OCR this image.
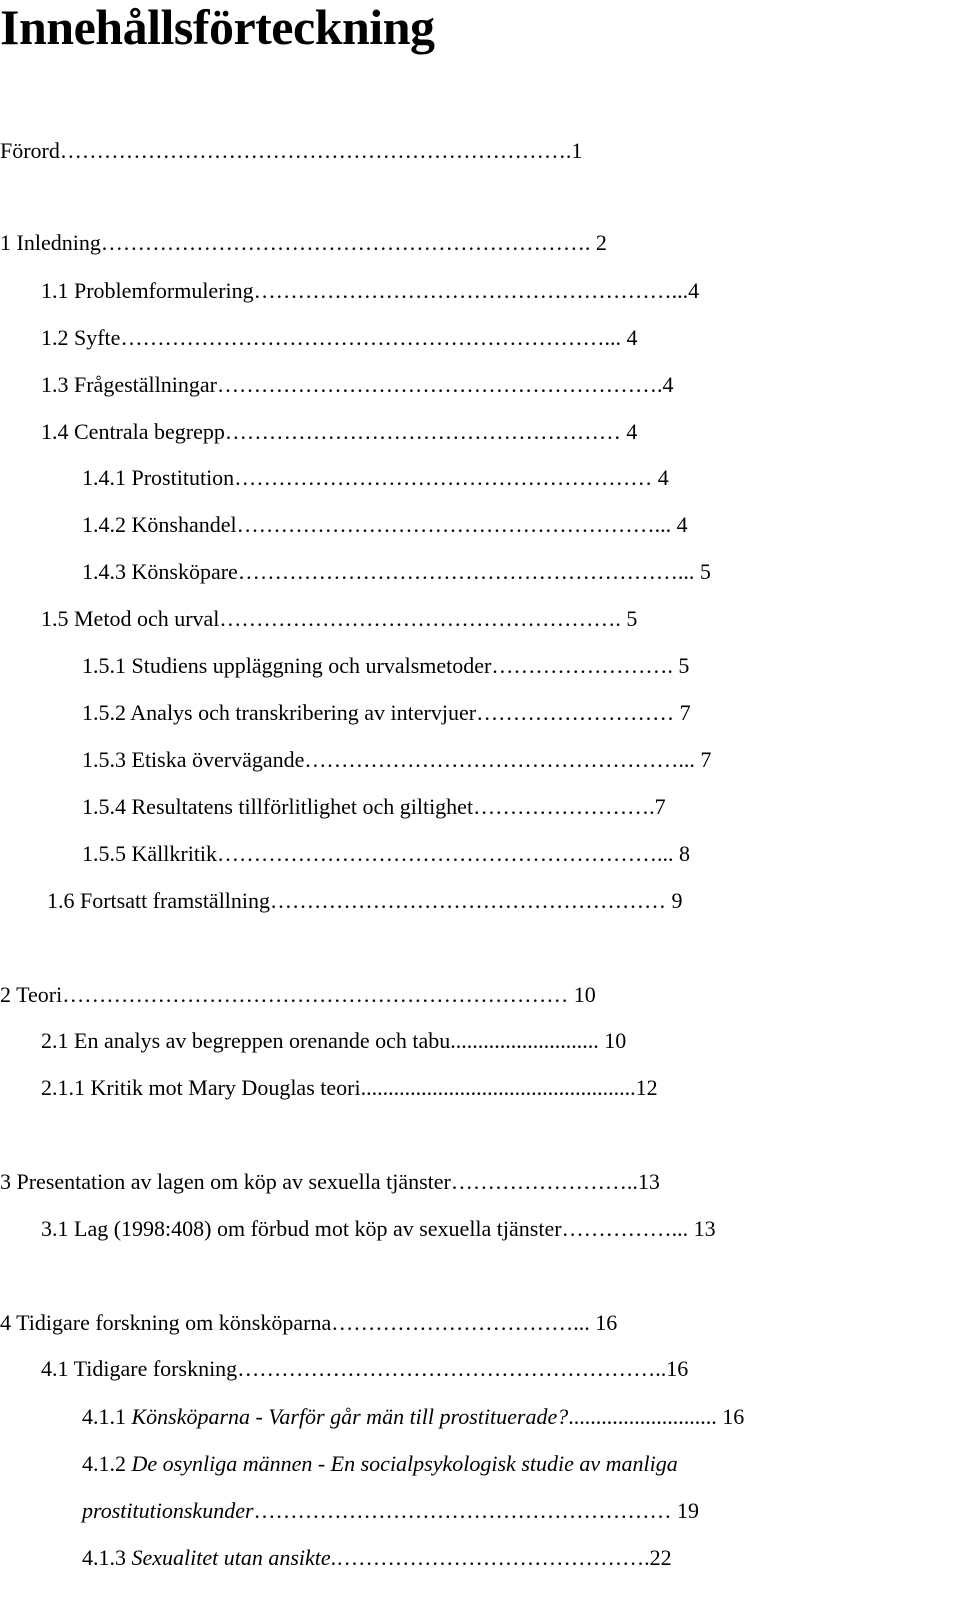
Innehållsförteckning
Förord…………………………………………………………….1
1 Inledning…………………………………………………………. 2
1.1 Problemformulering…………………………………………………...4
1.2 Syfte…………………………………………………………... 4
1.3 Frågeställningar…………………………………………………….4
1.4 Centrala begrepp……………………………………………… 4
1.4.1 Prostitution………………………………………………… 4
1.4.2 Könshandel…………………………………………………... 4
1.4.3 Könsköpare……………………………………………………... 5
1.5 Metod och urval………………………………………………. 5
1.5.1 Studiens uppläggning och urvalsmetoder……………………. 5
1.5.2 Analys och transkribering av intervjuer……………………… 7
1.5.3 Etiska övervägande……………………………………………... 7
1.5.4 Resultatens tillförlitlighet och giltighet…………………….7
1.5.5 Källkritik……………………………………………………... 8
1.6 Fortsatt framställning……………………………………………… 9
2 Teori…………………………………………………………… 10
2.1 En analys av begreppen orenande och tabu........................... 10
2.1.1 Kritik mot Mary Douglas teori..................................................12
3 Presentation av lagen om köp av sexuella tjänster……………………..13
3.1 Lag (1998:408) om förbud mot köp av sexuella tjänster……………... 13
4 Tidigare forskning om könsköparna……………………………... 16
4.1 Tidigare forskning…………………………………………………..16
4.1.1 Könsköparna - Varför går män till prostituerade?........................... 16
4.1.2 De osynliga männen - En socialpsykologisk studie av manliga
prostitutionskunder………………………………………………… 19
4.1.3 Sexualitet utan ansikte.…………………………………….22
